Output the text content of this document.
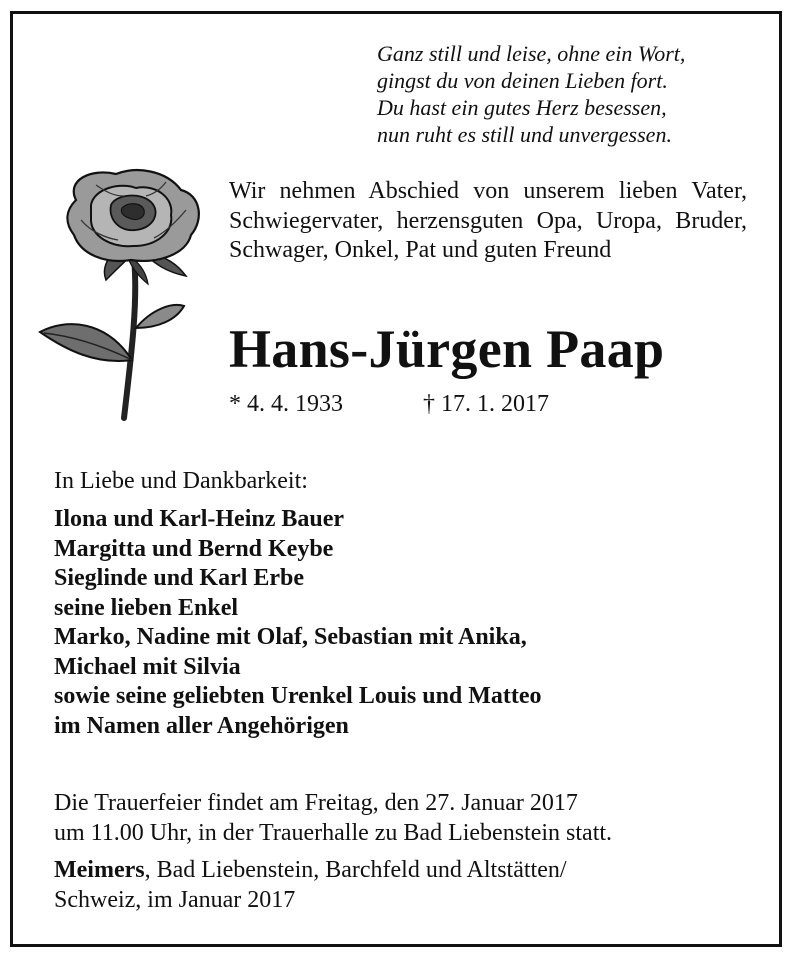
Ganz still und leise, ohne ein Wort,
gingst du von deinen Lieben fort.
Du hast ein gutes Herz besessen,
nun ruht es still und unvergessen.
Wir nehmen Abschied von unserem lieben Vater, Schwiegervater, herzensguten Opa, Uropa, Bruder, Schwager, Onkel, Pat und guten Freund
Hans-Jürgen Paap
* 4. 4. 1933	† 17. 1. 2017
In Liebe und Dankbarkeit:
Ilona und Karl-Heinz Bauer
Margitta und Bernd Keybe
Sieglinde und Karl Erbe
seine lieben Enkel
Marko, Nadine mit Olaf, Sebastian mit Anika,
Michael mit Silvia
sowie seine geliebten Urenkel Louis und Matteo
im Namen aller Angehörigen
Die Trauerfeier findet am Freitag, den 27. Januar 2017
um 11.00 Uhr, in der Trauerhalle zu Bad Liebenstein statt.
Meimers, Bad Liebenstein, Barchfeld und Altstätten/
Schweiz, im Januar 2017
